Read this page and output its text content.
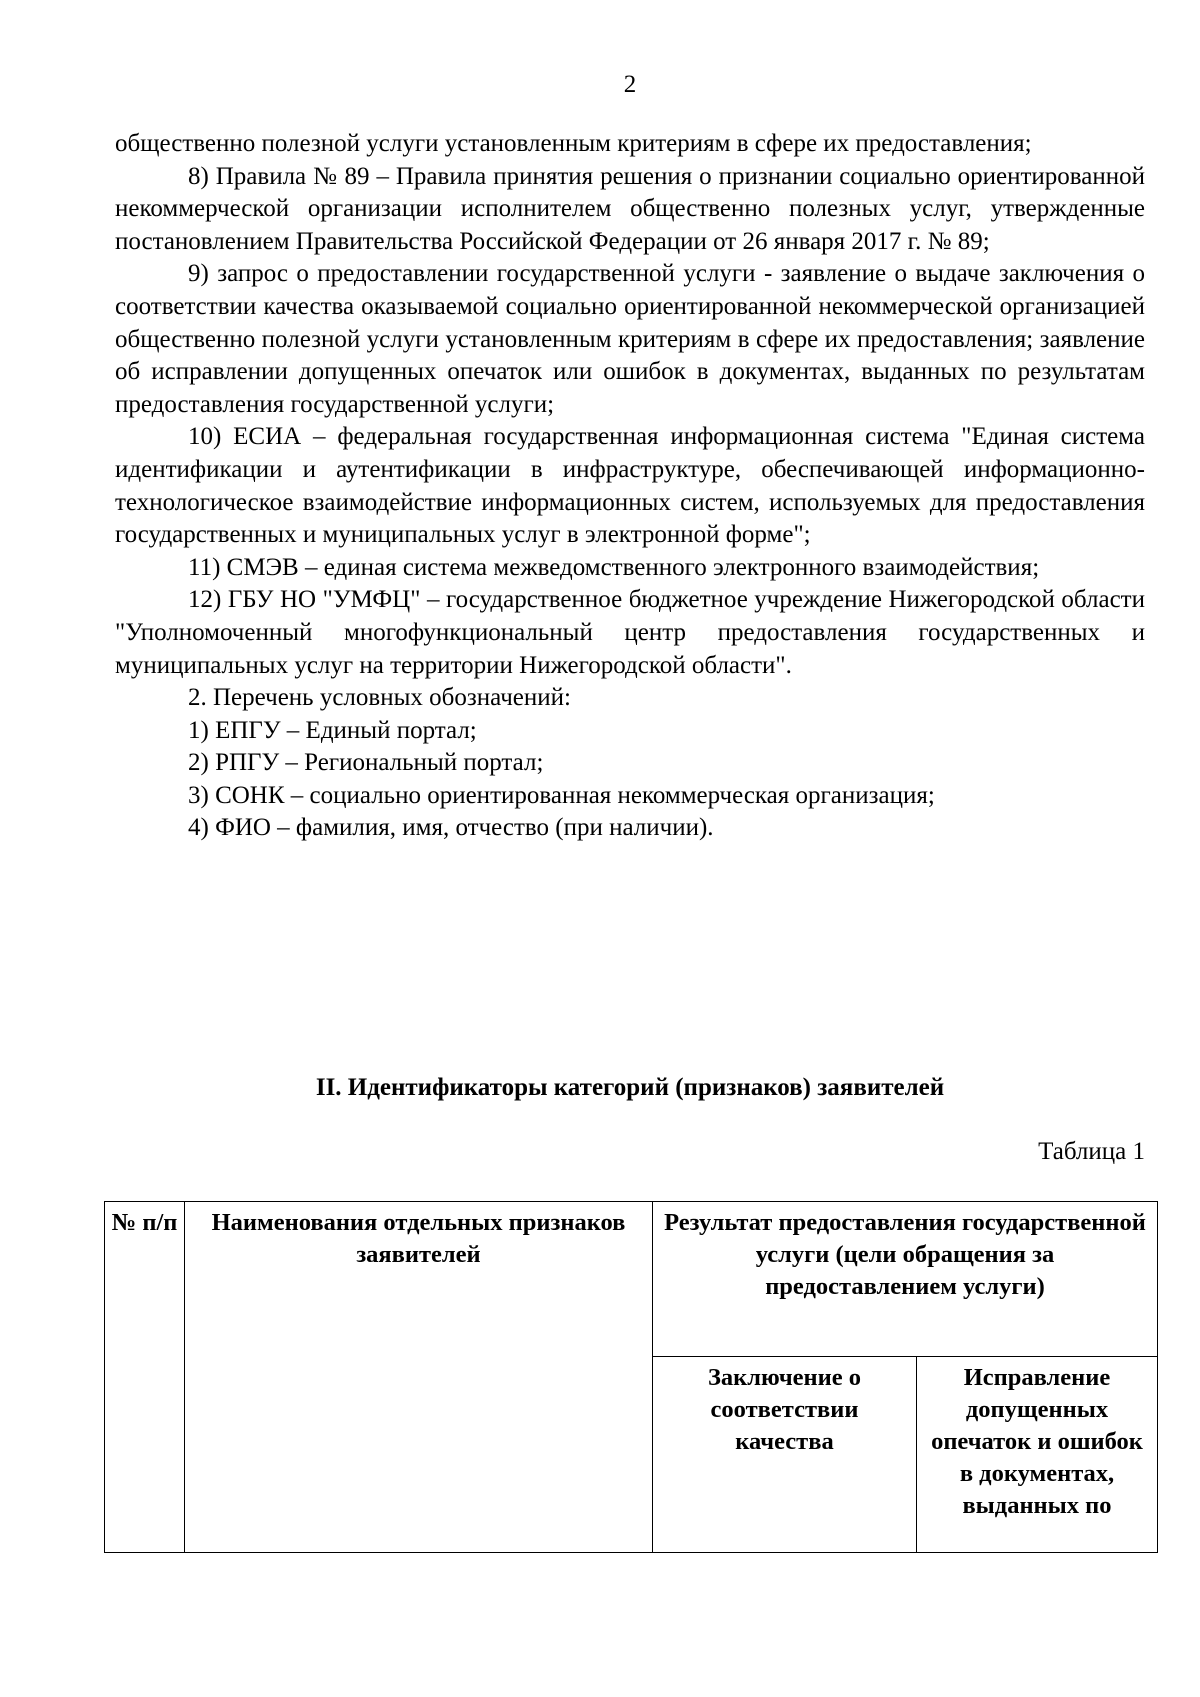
2

общественно полезной услуги установленным критериям в сфере их предоставления;

8) Правила № 89 – Правила принятия решения о признании социально ориентированной некоммерческой организации исполнителем общественно полезных услуг, утвержденные постановлением Правительства Российской Федерации от 26 января 2017 г. № 89;

9) запрос о предоставлении государственной услуги - заявление о выдаче заключения о соответствии качества оказываемой социально ориентированной некоммерческой организацией общественно полезной услуги установленным критериям в сфере их предоставления; заявление об исправлении допущенных опечаток или ошибок в документах, выданных по результатам предоставления государственной услуги;

10) ЕСИА – федеральная государственная информационная система "Единая система идентификации и аутентификации в инфраструктуре, обеспечивающей информационно-технологическое взаимодействие информационных систем, используемых для предоставления государственных и муниципальных услуг в электронной форме";

11) СМЭВ – единая система межведомственного электронного взаимодействия;

12) ГБУ НО "УМФЦ" – государственное бюджетное учреждение Нижегородской области "Уполномоченный многофункциональный центр предоставления государственных и муниципальных услуг на территории Нижегородской области".

2. Перечень условных обозначений:

1) ЕПГУ – Единый портал;

2) РПГУ – Региональный портал;

3) СОНК – социально ориентированная некоммерческая организация;

4) ФИО – фамилия, имя, отчество (при наличии).

II. Идентификаторы категорий (признаков) заявителей
Таблица 1
№ п/п	Наименования отдельных признаков заявителей	Результат предоставления государственной услуги (цели обращения за предоставлением услуги)	
		Заключение о соответствии качества	Исправление допущенных опечаток и ошибок в документах, выданных по
